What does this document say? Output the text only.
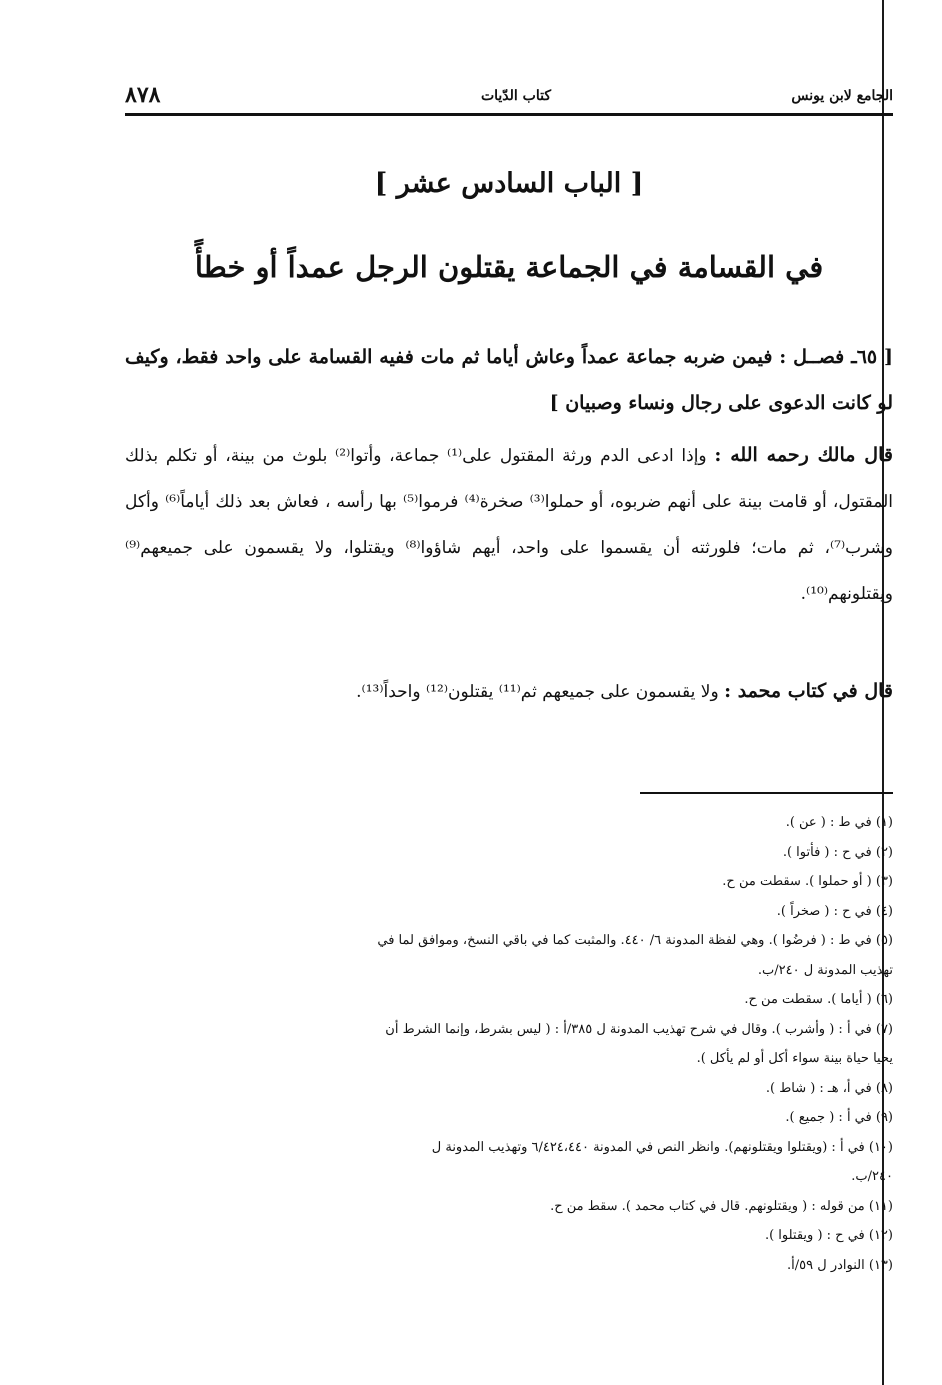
الجامع لابن يونس
كتاب الدّيات
٨٧٨
[ الباب السادس عشر ]
في القسامة في الجماعة يقتلون الرجل عمداً أو خطأً
[ ٦٥ـ فصــل : فيمن ضربه جماعة عمداً وعاش أياما ثم مات ففيه القسامة على واحد فقط، وكيف لو كانت الدعوى على رجال ونساء وصبيان ]
قال مالك رحمه الله : وإذا ادعى الدم ورثة المقتول على⁽¹⁾ جماعة، وأتوا⁽²⁾ بلوث من بينة، أو تكلم بذلك المقتول، أو قامت بينة على أنهم ضربوه، أو حملوا⁽³⁾ صخرة⁽⁴⁾ فرموا⁽⁵⁾ بها رأسه ، فعاش بعد ذلك أياماً⁽⁶⁾ وأكل وشرب⁽⁷⁾، ثم مات؛ فلورثته أن يقسموا على واحد، أيهم شاؤوا⁽⁸⁾ ويقتلوا، ولا يقسمون على جميعهم⁽⁹⁾ ويقتلونهم⁽¹⁰⁾.
قال في كتاب محمد : ولا يقسمون على جميعهم ثم⁽¹¹⁾ يقتلون⁽¹²⁾ واحداً⁽¹³⁾.
(١) في ط : ( عن ).
(٢) في ح : ( فأتوا ).
(٣) ( أو حملوا ). سقطت من ح.
(٤) في ح : ( صخراً ).
(٥) في ط : ( فرضُوا ). وهي لفظة المدونة ٦/ ٤٤٠. والمثبت كما في باقي النسخ، وموافق لما في
تهذيب المدونة ل ٢٤٠/ب.
(٦) ( أياما ). سقطت من ح.
(٧) في أ : ( وأشرب ). وقال في شرح تهذيب المدونة ل ٣٨٥/أ : ( ليس بشرط، وإنما الشرط أن
يحيا حياة بينة سواء أكل أو لم يأكل ).
(٨) في أ، هـ : ( شاط ).
(٩) في أ : ( جميع ).
(١٠) في أ : (ويقتلوا ويقتلونهم). وانظر النص في المدونة ٦/٤٢٤،٤٤٠ وتهذيب المدونة ل
٢٤٠/ب.
(١١) من قوله : ( ويقتلونهم. قال في كتاب محمد ). سقط من ح.
(١٢) في ح : ( ويقتلوا ).
(١٣) النوادر ل ٥٩/أ.
